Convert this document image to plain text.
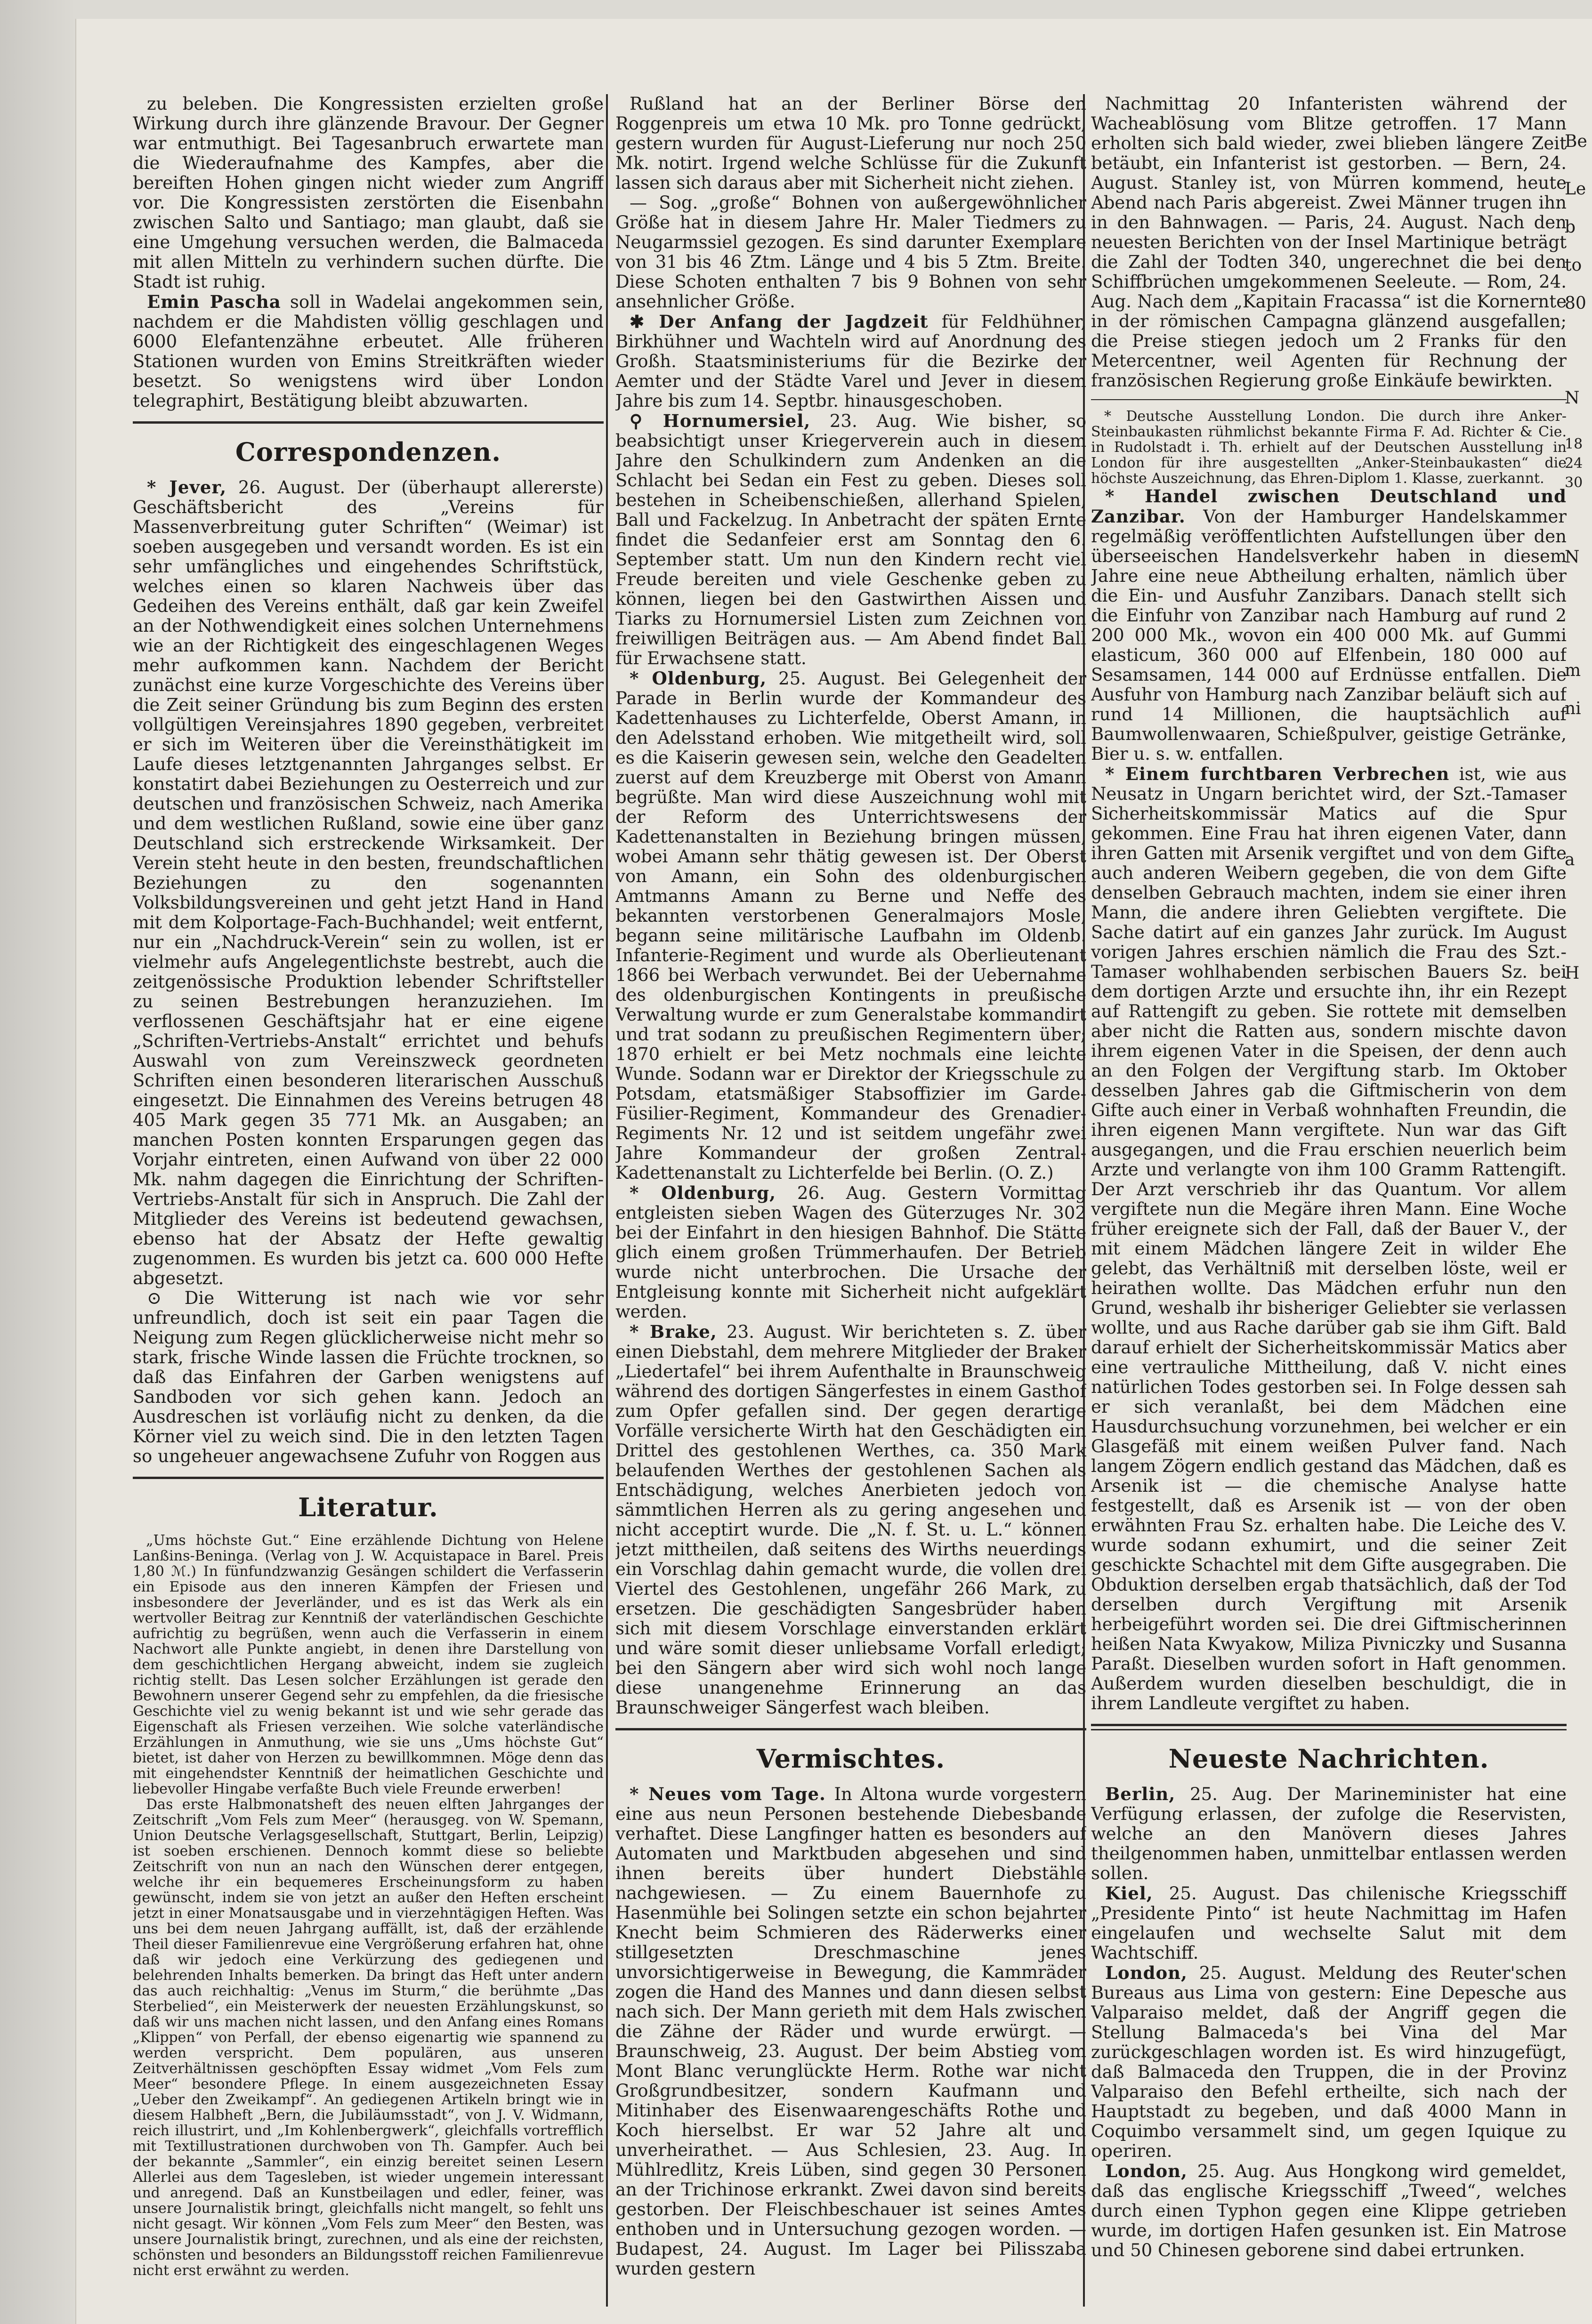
zu beleben. Die Kongressisten erzielten große Wirkung durch ihre glänzende Bravour. Der Gegner war entmuthigt. Bei Tagesanbruch erwartete man die Wiederaufnahme des Kampfes, aber die bereiften Hohen gingen nicht wieder zum Angriff vor. Die Kongressisten zerstörten die Eisenbahn zwischen Salto und Santiago; man glaubt, daß sie eine Umgehung versuchen werden, die Balmaceda mit allen Mitteln zu verhindern suchen dürfte. Die Stadt ist ruhig.

Emin Pascha soll in Wadelai angekommen sein, nachdem er die Mahdisten völlig geschlagen und 6000 Elefantenzähne erbeutet. Alle früheren Stationen wurden von Emins Streitkräften wieder besetzt. So wenigstens wird über London telegraphirt, Bestätigung bleibt abzuwarten.

Correspondenzen.

* Jever, 26. August. Der (überhaupt allererste) Geschäftsbericht des „Vereins für Massenverbreitung guter Schriften“ (Weimar) ist soeben ausgegeben und versandt worden. Es ist ein sehr umfängliches und eingehendes Schriftstück, welches einen so klaren Nachweis über das Gedeihen des Vereins enthält, daß gar kein Zweifel an der Nothwendigkeit eines solchen Unternehmens wie an der Richtigkeit des eingeschlagenen Weges mehr aufkommen kann. Nachdem der Bericht zunächst eine kurze Vorgeschichte des Vereins über die Zeit seiner Gründung bis zum Beginn des ersten vollgültigen Vereinsjahres 1890 gegeben, verbreitet er sich im Weiteren über die Vereinsthätigkeit im Laufe dieses letztgenannten Jahrganges selbst. Er konstatirt dabei Beziehungen zu Oesterreich und zur deutschen und französischen Schweiz, nach Amerika und dem westlichen Rußland, sowie eine über ganz Deutschland sich erstreckende Wirksamkeit. Der Verein steht heute in den besten, freundschaftlichen Beziehungen zu den sogenannten Volksbildungsvereinen und geht jetzt Hand in Hand mit dem Kolportage-Fach-Buchhandel; weit entfernt, nur ein „Nachdruck-Verein“ sein zu wollen, ist er vielmehr aufs Angelegentlichste bestrebt, auch die zeitgenössische Produktion lebender Schriftsteller zu seinen Bestrebungen heranzuziehen. Im verflossenen Geschäftsjahr hat er eine eigene „Schriften-Vertriebs-Anstalt“ errichtet und behufs Auswahl von zum Vereinszweck geordneten Schriften einen besonderen literarischen Ausschuß eingesetzt. Die Einnahmen des Vereins betrugen 48 405 Mark gegen 35 771 Mk. an Ausgaben; an manchen Posten konnten Ersparungen gegen das Vorjahr eintreten, einen Aufwand von über 22 000 Mk. nahm dagegen die Einrichtung der Schriften-Vertriebs-Anstalt für sich in Anspruch. Die Zahl der Mitglieder des Vereins ist bedeutend gewachsen, ebenso hat der Absatz der Hefte gewaltig zugenommen. Es wurden bis jetzt ca. 600 000 Hefte abgesetzt.

⊙ Die Witterung ist nach wie vor sehr unfreundlich, doch ist seit ein paar Tagen die Neigung zum Regen glücklicherweise nicht mehr so stark, frische Winde lassen die Früchte trocknen, so daß das Einfahren der Garben wenigstens auf Sandboden vor sich gehen kann. Jedoch an Ausdreschen ist vorläufig nicht zu denken, da die Körner viel zu weich sind. Die in den letzten Tagen so ungeheuer angewachsene Zufuhr von Roggen aus

Literatur.

„Ums höchste Gut.“ Eine erzählende Dichtung von Helene Lanßins-Beninga. (Verlag von J. W. Acquistapace in Barel. Preis 1,80 ℳ.) In fünfundzwanzig Gesängen schildert die Verfasserin ein Episode aus den inneren Kämpfen der Friesen und insbesondere der Jeverländer, und es ist das Werk als ein wertvoller Beitrag zur Kenntniß der vaterländischen Geschichte aufrichtig zu begrüßen, wenn auch die Verfasserin in einem Nachwort alle Punkte angiebt, in denen ihre Darstellung von dem geschichtlichen Hergang abweicht, indem sie zugleich richtig stellt. Das Lesen solcher Erzählungen ist gerade den Bewohnern unserer Gegend sehr zu empfehlen, da die friesische Geschichte viel zu wenig bekannt ist und wie sehr gerade das Eigenschaft als Friesen verzeihen. Wie solche vaterländische Erzählungen in Anmuthung, wie sie uns „Ums höchste Gut“ bietet, ist daher von Herzen zu bewillkommnen. Möge denn das mit eingehendster Kenntniß der heimatlichen Geschichte und liebevoller Hingabe verfaßte Buch viele Freunde erwerben!

Das erste Halbmonatsheft des neuen elften Jahrganges der Zeitschrift „Vom Fels zum Meer“ (herausgeg. von W. Spemann, Union Deutsche Verlagsgesellschaft, Stuttgart, Berlin, Leipzig) ist soeben erschienen. Dennoch kommt diese so beliebte Zeitschrift von nun an nach den Wünschen derer entgegen, welche ihr ein bequemeres Erscheinungsform zu haben gewünscht, indem sie von jetzt an außer den Heften erscheint jetzt in einer Monatsausgabe und in vierzehntägigen Heften. Was uns bei dem neuen Jahrgang auffällt, ist, daß der erzählende Theil dieser Familienrevue eine Vergrößerung erfahren hat, ohne daß wir jedoch eine Verkürzung des gediegenen und belehrenden Inhalts bemerken. Da bringt das Heft unter andern das auch reichhaltig: „Venus im Sturm,“ die berühmte „Das Sterbelied“, ein Meisterwerk der neuesten Erzählungskunst, so daß wir uns machen nicht lassen, und den Anfang eines Romans „Klippen“ von Perfall, der ebenso eigenartig wie spannend zu werden verspricht. Dem populären, aus unseren Zeitverhältnissen geschöpften Essay widmet „Vom Fels zum Meer“ besondere Pflege. In einem ausgezeichneten Essay „Ueber den Zweikampf“. An gediegenen Artikeln bringt wie in diesem Halbheft „Bern, die Jubiläumsstadt“, von J. V. Widmann, reich illustrirt, und „Im Kohlenbergwerk“, gleichfalls vortrefflich mit Textillustrationen durchwoben von Th. Gampfer. Auch bei der bekannte „Sammler“, ein einzig bereitet seinen Lesern Allerlei aus dem Tagesleben, ist wieder ungemein interessant und anregend. Daß an Kunstbeilagen und edler, feiner, was unsere Journalistik bringt, gleichfalls nicht mangelt, so fehlt uns nicht gesagt. Wir können „Vom Fels zum Meer“ den Besten, was unsere Journalistik bringt, zurechnen, und als eine der reichsten, schönsten und besonders an Bildungsstoff reichen Familienrevue nicht erst erwähnt zu werden.

Rußland hat an der Berliner Börse den Roggenpreis um etwa 10 Mk. pro Tonne gedrückt, gestern wurden für August-Lieferung nur noch 250 Mk. notirt. Irgend welche Schlüsse für die Zukunft lassen sich daraus aber mit Sicherheit nicht ziehen.

— Sog. „große“ Bohnen von außergewöhnlicher Größe hat in diesem Jahre Hr. Maler Tiedmers zu Neugarmssiel gezogen. Es sind darunter Exemplare von 31 bis 46 Ztm. Länge und 4 bis 5 Ztm. Breite. Diese Schoten enthalten 7 bis 9 Bohnen von sehr ansehnlicher Größe.

✱ Der Anfang der Jagdzeit für Feldhühner, Birkhühner und Wachteln wird auf Anordnung des Großh. Staatsministeriums für die Bezirke der Aemter und der Städte Varel und Jever in diesem Jahre bis zum 14. Septbr. hinausgeschoben.

⚲ Hornumersiel, 23. Aug. Wie bisher, so beabsichtigt unser Kriegerverein auch in diesem Jahre den Schulkindern zum Andenken an die Schlacht bei Sedan ein Fest zu geben. Dieses soll bestehen in Scheibenschießen, allerhand Spielen, Ball und Fackelzug. In Anbetracht der späten Ernte findet die Sedanfeier erst am Sonntag den 6. September statt. Um nun den Kindern recht viel Freude bereiten und viele Geschenke geben zu können, liegen bei den Gastwirthen Aissen und Tiarks zu Hornumersiel Listen zum Zeichnen von freiwilligen Beiträgen aus. — Am Abend findet Ball für Erwachsene statt.

* Oldenburg, 25. August. Bei Gelegenheit der Parade in Berlin wurde der Kommandeur des Kadettenhauses zu Lichterfelde, Oberst Amann, in den Adelsstand erhoben. Wie mitgetheilt wird, soll es die Kaiserin gewesen sein, welche den Geadelten zuerst auf dem Kreuzberge mit Oberst von Amann begrüßte. Man wird diese Auszeichnung wohl mit der Reform des Unterrichtswesens der Kadettenanstalten in Beziehung bringen müssen, wobei Amann sehr thätig gewesen ist. Der Oberst von Amann, ein Sohn des oldenburgischen Amtmanns Amann zu Berne und Neffe des bekannten verstorbenen Generalmajors Mosle, begann seine militärische Laufbahn im Oldenb. Infanterie-Regiment und wurde als Oberlieutenant 1866 bei Werbach verwundet. Bei der Uebernahme des oldenburgischen Kontingents in preußische Verwaltung wurde er zum Generalstabe kommandirt und trat sodann zu preußischen Regimentern über; 1870 erhielt er bei Metz nochmals eine leichte Wunde. Sodann war er Direktor der Kriegsschule zu Potsdam, etatsmäßiger Stabsoffizier im Garde-Füsilier-Regiment, Kommandeur des Grenadier-Regiments Nr. 12 und ist seitdem ungefähr zwei Jahre Kommandeur der großen Zentral-Kadettenanstalt zu Lichterfelde bei Berlin. (O. Z.)

* Oldenburg, 26. Aug. Gestern Vormittag entgleisten sieben Wagen des Güterzuges Nr. 302 bei der Einfahrt in den hiesigen Bahnhof. Die Stätte glich einem großen Trümmerhaufen. Der Betrieb wurde nicht unterbrochen. Die Ursache der Entgleisung konnte mit Sicherheit nicht aufgeklärt werden.

* Brake, 23. August. Wir berichteten s. Z. über einen Diebstahl, dem mehrere Mitglieder der Braker „Liedertafel“ bei ihrem Aufenthalte in Braunschweig während des dortigen Sängerfestes in einem Gasthof zum Opfer gefallen sind. Der gegen derartige Vorfälle versicherte Wirth hat den Geschädigten ein Drittel des gestohlenen Werthes, ca. 350 Mark belaufenden Werthes der gestohlenen Sachen als Entschädigung, welches Anerbieten jedoch von sämmtlichen Herren als zu gering angesehen und nicht acceptirt wurde. Die „N. f. St. u. L.“ können jetzt mittheilen, daß seitens des Wirths neuerdings ein Vorschlag dahin gemacht wurde, die vollen drei Viertel des Gestohlenen, ungefähr 266 Mark, zu ersetzen. Die geschädigten Sangesbrüder haben sich mit diesem Vorschlage einverstanden erklärt und wäre somit dieser unliebsame Vorfall erledigt; bei den Sängern aber wird sich wohl noch lange diese unangenehme Erinnerung an das Braunschweiger Sängerfest wach bleiben.

Vermischtes.

* Neues vom Tage. In Altona wurde vorgestern eine aus neun Personen bestehende Diebesbande verhaftet. Diese Langfinger hatten es besonders auf Automaten und Marktbuden abgesehen und sind ihnen bereits über hundert Diebstähle nachgewiesen. — Zu einem Bauernhofe zu Hasenmühle bei Solingen setzte ein schon bejahrter Knecht beim Schmieren des Räderwerks einer stillgesetzten Dreschmaschine jenes unvorsichtigerweise in Bewegung, die Kammräder zogen die Hand des Mannes und dann diesen selbst nach sich. Der Mann gerieth mit dem Hals zwischen die Zähne der Räder und wurde erwürgt. — Braunschweig, 23. August. Der beim Abstieg vom Mont Blanc verunglückte Herm. Rothe war nicht Großgrundbesitzer, sondern Kaufmann und Mitinhaber des Eisenwaarengeschäfts Rothe und Koch hierselbst. Er war 52 Jahre alt und unverheirathet. — Aus Schlesien, 23. Aug. In Mühlredlitz, Kreis Lüben, sind gegen 30 Personen an der Trichinose erkrankt. Zwei davon sind bereits gestorben. Der Fleischbeschauer ist seines Amtes enthoben und in Untersuchung gezogen worden. — Budapest, 24. August. Im Lager bei Pilisszaba wurden gestern

Nachmittag 20 Infanteristen während der Wacheablösung vom Blitze getroffen. 17 Mann erholten sich bald wieder, zwei blieben längere Zeit betäubt, ein Infanterist ist gestorben. — Bern, 24. August. Stanley ist, von Mürren kommend, heute Abend nach Paris abgereist. Zwei Männer trugen ihn in den Bahnwagen. — Paris, 24. August. Nach den neuesten Berichten von der Insel Martinique beträgt die Zahl der Todten 340, ungerechnet die bei den Schiffbrüchen umgekommenen Seeleute. — Rom, 24. Aug. Nach dem „Kapitain Fracassa“ ist die Kornernte in der römischen Campagna glänzend ausgefallen; die Preise stiegen jedoch um 2 Franks für den Metercentner, weil Agenten für Rechnung der französischen Regierung große Einkäufe bewirkten.

* Deutsche Ausstellung London. Die durch ihre Anker-Steinbaukasten rühmlichst bekannte Firma F. Ad. Richter & Cie. in Rudolstadt i. Th. erhielt auf der Deutschen Ausstellung in London für ihre ausgestellten „Anker-Steinbaukasten“ die höchste Auszeichnung, das Ehren-Diplom 1. Klasse, zuerkannt.

* Handel zwischen Deutschland und Zanzibar. Von der Hamburger Handelskammer regelmäßig veröffentlichten Aufstellungen über den überseeischen Handelsverkehr haben in diesem Jahre eine neue Abtheilung erhalten, nämlich über die Ein- und Ausfuhr Zanzibars. Danach stellt sich die Einfuhr von Zanzibar nach Hamburg auf rund 2 200 000 Mk., wovon ein 400 000 Mk. auf Gummi elasticum, 360 000 auf Elfenbein, 180 000 auf Sesamsamen, 144 000 auf Erdnüsse entfallen. Die Ausfuhr von Hamburg nach Zanzibar beläuft sich auf rund 14 Millionen, die hauptsächlich auf Baumwollenwaaren, Schießpulver, geistige Getränke, Bier u. s. w. entfallen.

* Einem furchtbaren Verbrechen ist, wie aus Neusatz in Ungarn berichtet wird, der Szt.-Tamaser Sicherheitskommissär Matics auf die Spur gekommen. Eine Frau hat ihren eigenen Vater, dann ihren Gatten mit Arsenik vergiftet und von dem Gifte auch anderen Weibern gegeben, die von dem Gifte denselben Gebrauch machten, indem sie einer ihren Mann, die andere ihren Geliebten vergiftete. Die Sache datirt auf ein ganzes Jahr zurück. Im August vorigen Jahres erschien nämlich die Frau des Szt.-Tamaser wohlhabenden serbischen Bauers Sz. bei dem dortigen Arzte und ersuchte ihn, ihr ein Rezept auf Rattengift zu geben. Sie rottete mit demselben aber nicht die Ratten aus, sondern mischte davon ihrem eigenen Vater in die Speisen, der denn auch an den Folgen der Vergiftung starb. Im Oktober desselben Jahres gab die Giftmischerin von dem Gifte auch einer in Verbaß wohnhaften Freundin, die ihren eigenen Mann vergiftete. Nun war das Gift ausgegangen, und die Frau erschien neuerlich beim Arzte und verlangte von ihm 100 Gramm Rattengift. Der Arzt verschrieb ihr das Quantum. Vor allem vergiftete nun die Megäre ihren Mann. Eine Woche früher ereignete sich der Fall, daß der Bauer V., der mit einem Mädchen längere Zeit in wilder Ehe gelebt, das Verhältniß mit derselben löste, weil er heirathen wollte. Das Mädchen erfuhr nun den Grund, weshalb ihr bisheriger Geliebter sie verlassen wollte, und aus Rache darüber gab sie ihm Gift. Bald darauf erhielt der Sicherheitskommissär Matics aber eine vertrauliche Mittheilung, daß V. nicht eines natürlichen Todes gestorben sei. In Folge dessen sah er sich veranlaßt, bei dem Mädchen eine Hausdurchsuchung vorzunehmen, bei welcher er ein Glasgefäß mit einem weißen Pulver fand. Nach langem Zögern endlich gestand das Mädchen, daß es Arsenik ist — die chemische Analyse hatte festgestellt, daß es Arsenik ist — von der oben erwähnten Frau Sz. erhalten habe. Die Leiche des V. wurde sodann exhumirt, und die seiner Zeit geschickte Schachtel mit dem Gifte ausgegraben. Die Obduktion derselben ergab thatsächlich, daß der Tod derselben durch Vergiftung mit Arsenik herbeigeführt worden sei. Die drei Giftmischerinnen heißen Nata Kwyakow, Miliza Pivniczky und Susanna Paraßt. Dieselben wurden sofort in Haft genommen. Außerdem wurden dieselben beschuldigt, die in ihrem Landleute vergiftet zu haben.

Neueste Nachrichten.

Berlin, 25. Aug. Der Marineminister hat eine Verfügung erlassen, der zufolge die Reservisten, welche an den Manövern dieses Jahres theilgenommen haben, unmittelbar entlassen werden sollen.

Kiel, 25. August. Das chilenische Kriegsschiff „Presidente Pinto“ ist heute Nachmittag im Hafen eingelaufen und wechselte Salut mit dem Wachtschiff.

London, 25. August. Meldung des Reuter'schen Bureaus aus Lima von gestern: Eine Depesche aus Valparaiso meldet, daß der Angriff gegen die Stellung Balmaceda's bei Vina del Mar zurückgeschlagen worden ist. Es wird hinzugefügt, daß Balmaceda den Truppen, die in der Provinz Valparaiso den Befehl ertheilte, sich nach der Hauptstadt zu begeben, und daß 4000 Mann in Coquimbo versammelt sind, um gegen Iquique zu operiren.

London, 25. Aug. Aus Hongkong wird gemeldet, daß das englische Kriegsschiff „Tweed“, welches durch einen Typhon gegen eine Klippe getrieben wurde, im dortigen Hafen gesunken ist. Ein Matrose und 50 Chinesen geborene sind dabei ertrunken.

Be
Le
b
to
80
N
18
24
30
N
m
ni
a
H
